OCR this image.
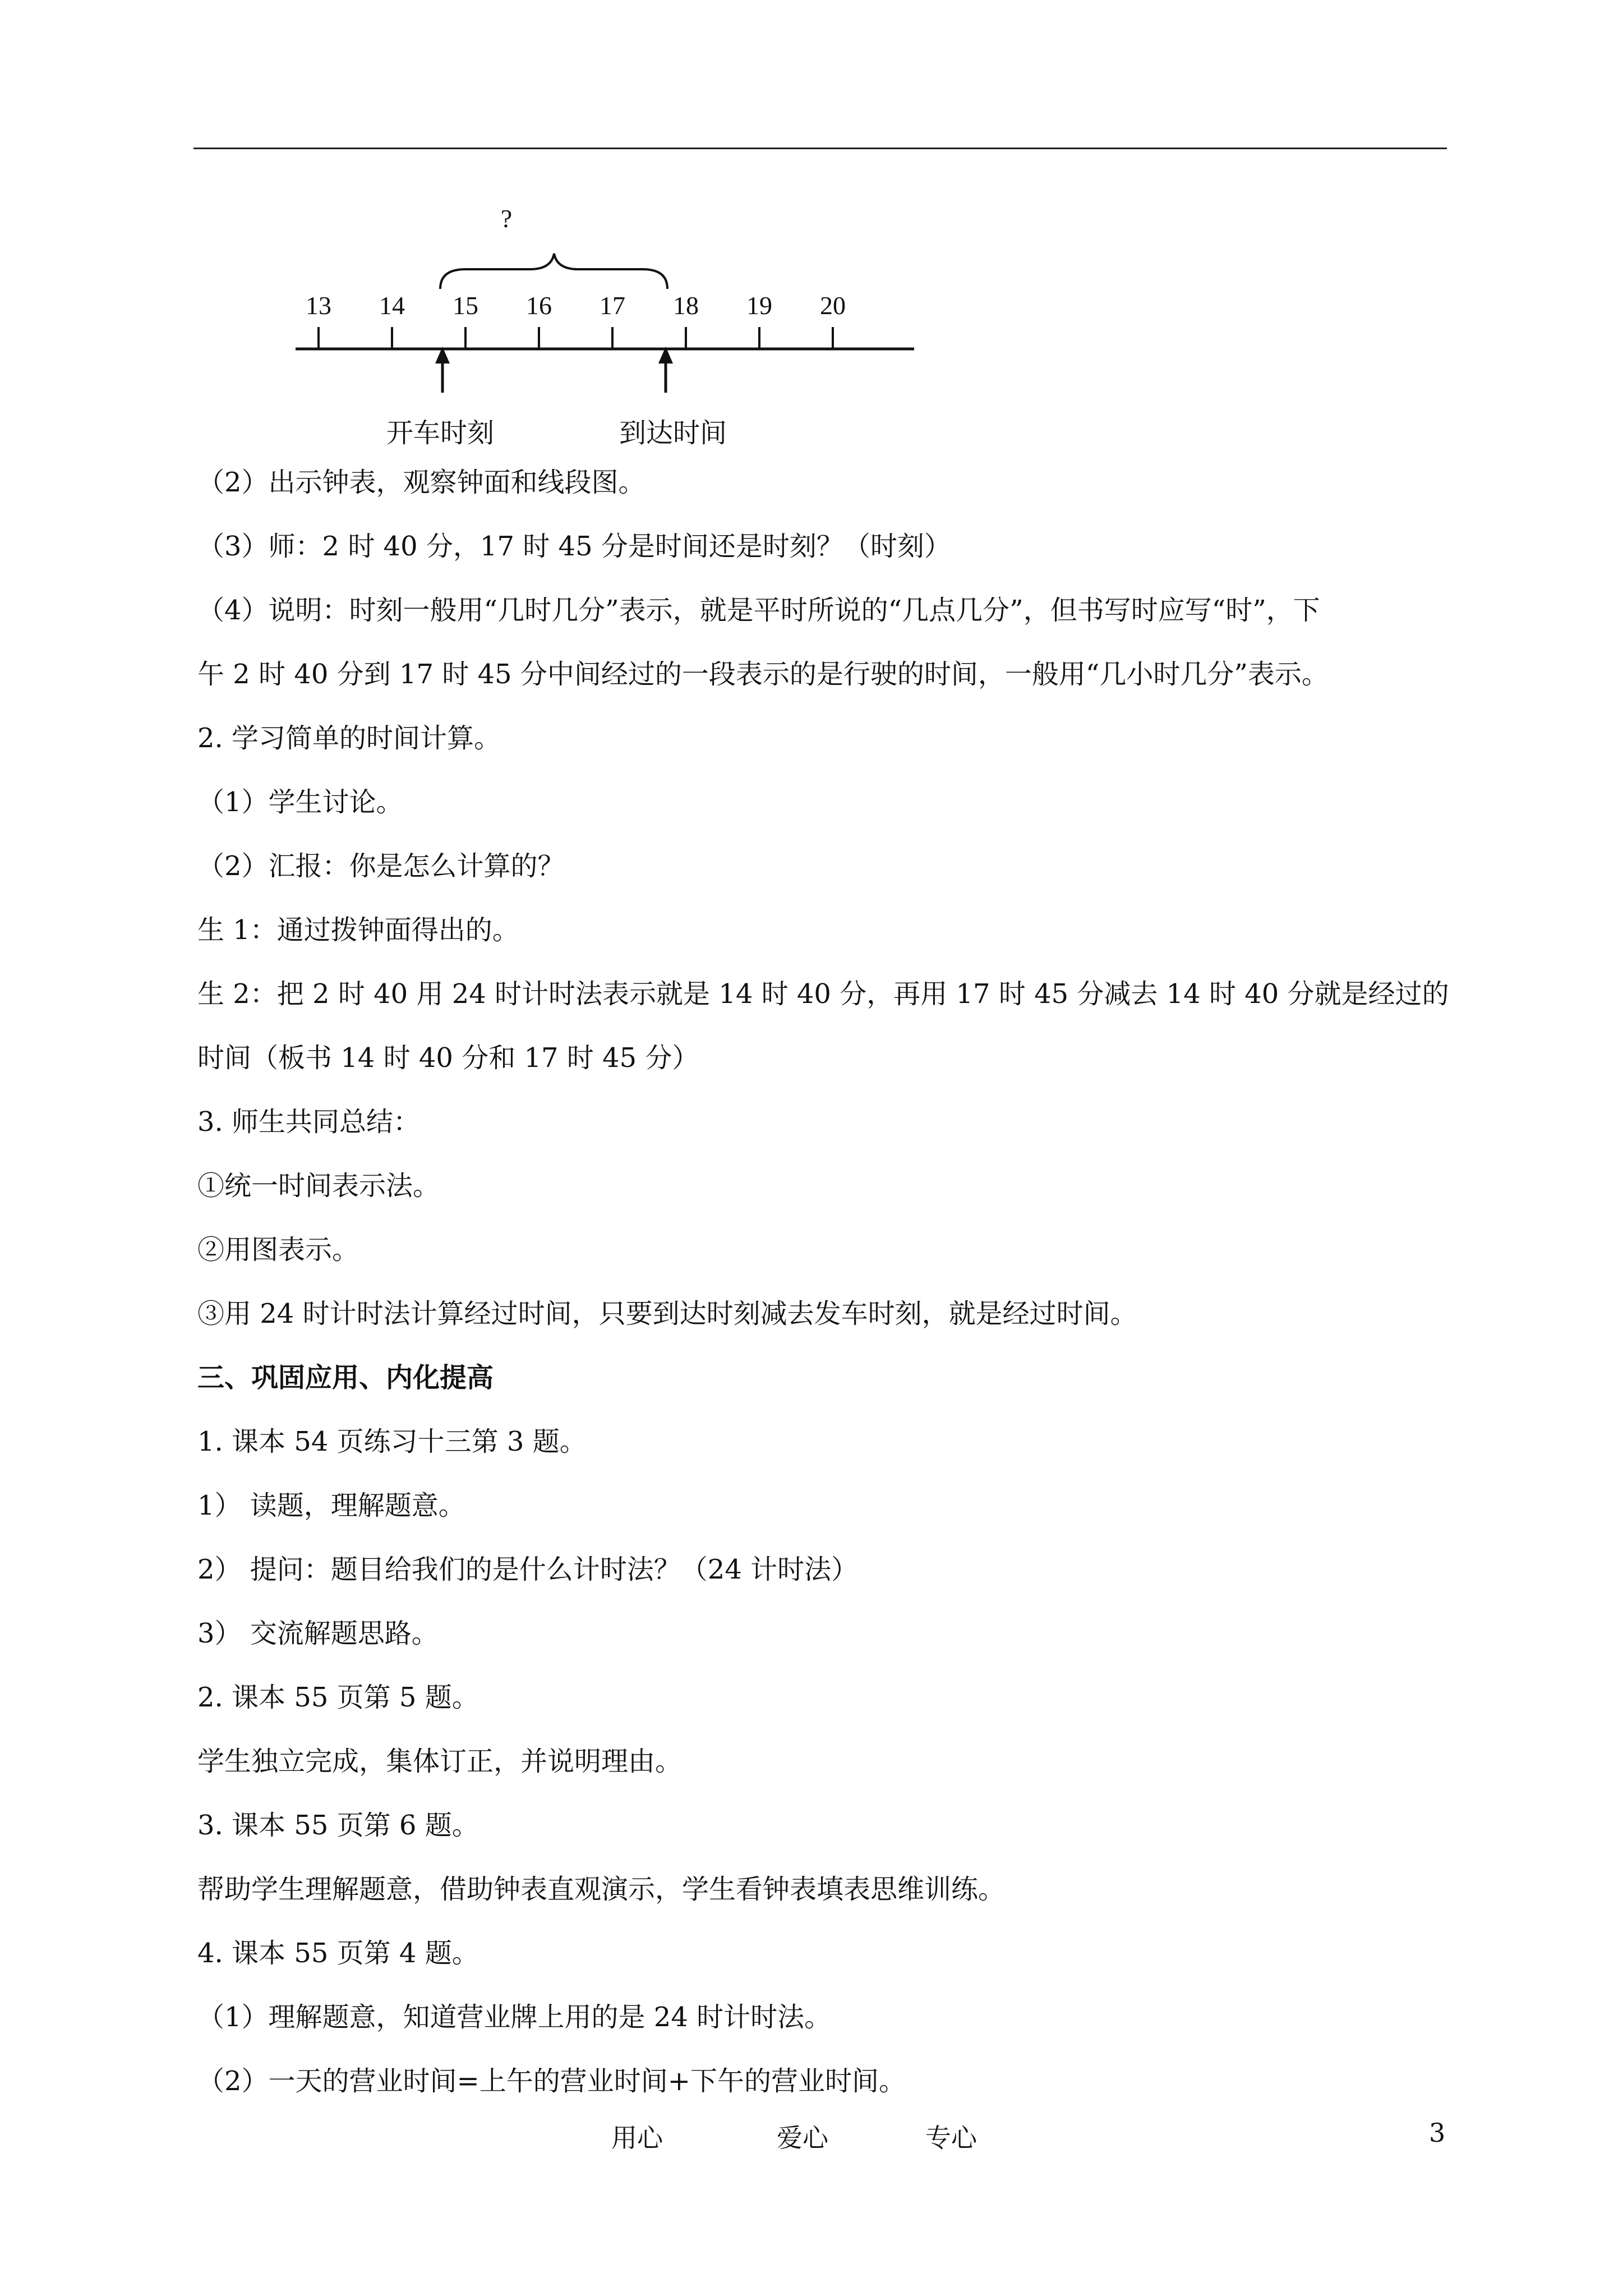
?
13 14 15 16 17 18 19 20
开车时刻	到达时间
（2）出示钟表，观察钟面和线段图。
（3）师：2 时 40 分，17 时 45 分是时间还是时刻？（时刻）
（4）说明：时刻一般用“几时几分”表示，就是平时所说的“几点几分”，但书写时应写“时”，下
午 2 时 40 分到 17 时 45 分中间经过的一段表示的是行驶的时间，一般用“几小时几分”表示。
2. 学习简单的时间计算。
（1）学生讨论。
（2）汇报：你是怎么计算的？
生 1：通过拨钟面得出的。
生 2：把 2 时 40 用 24 时计时法表示就是 14 时 40 分，再用 17 时 45 分减去 14 时 40 分就是经过的
时间（板书 14 时 40 分和 17 时 45 分）
3. 师生共同总结：
①统一时间表示法。
②用图表示。
③用 24 时计时法计算经过时间，只要到达时刻减去发车时刻，就是经过时间。
三、巩固应用、内化提高
1. 课本 54 页练习十三第 3 题。
1） 读题，理解题意。
2） 提问：题目给我们的是什么计时法？（24 计时法）
3） 交流解题思路。
2. 课本 55 页第 5 题。
学生独立完成，集体订正，并说明理由。
3. 课本 55 页第 6 题。
帮助学生理解题意，借助钟表直观演示，学生看钟表填表思维训练。
4. 课本 55 页第 4 题。
（1）理解题意，知道营业牌上用的是 24 时计时法。
（2）一天的营业时间=上午的营业时间+下午的营业时间。
用心	爱心	专心	3
